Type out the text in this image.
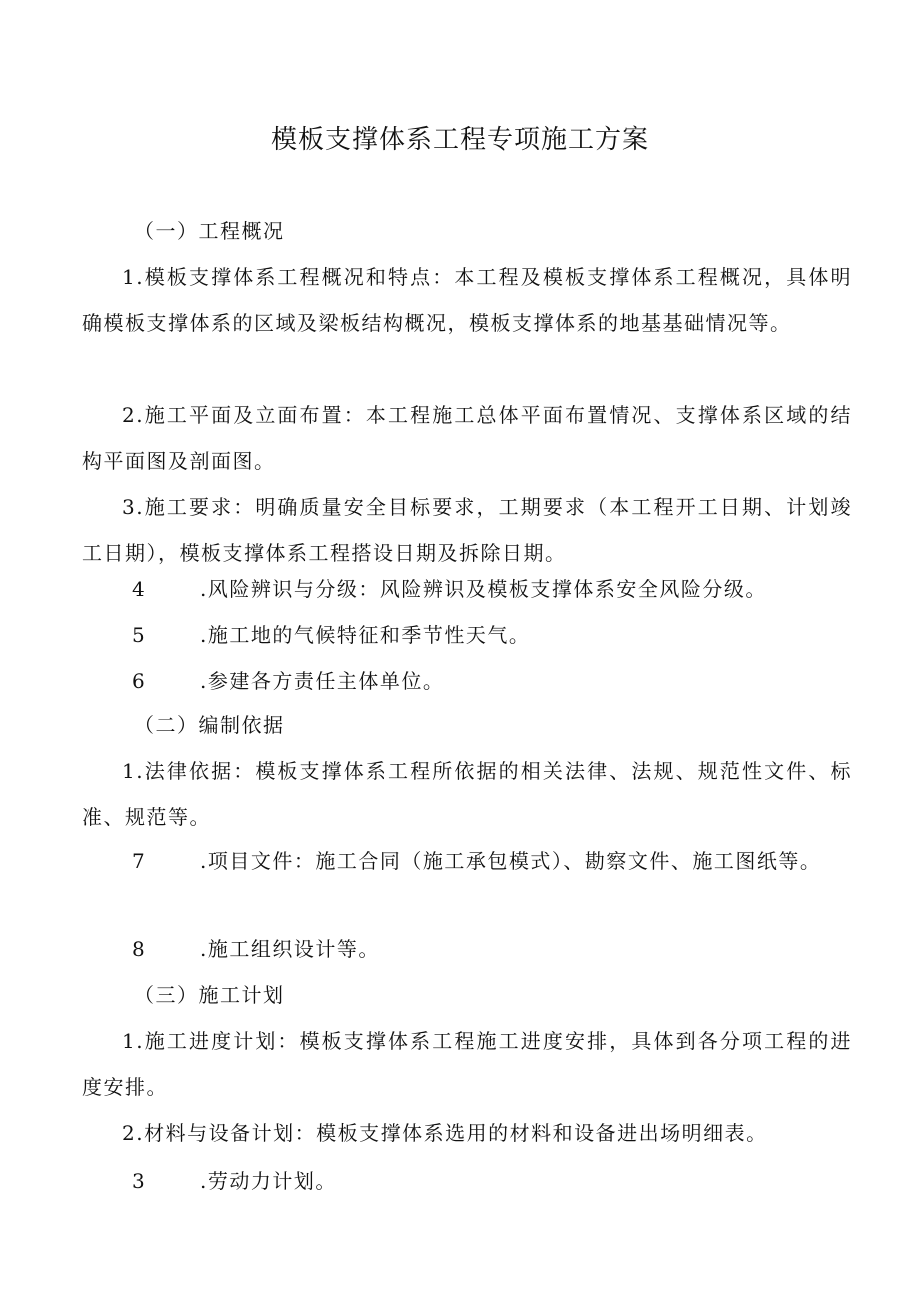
模板支撑体系工程专项施工方案

（一）工程概况

1.模板支撑体系工程概况和特点：本工程及模板支撑体系工程概况，具体明确模板支撑体系的区域及梁板结构概况，模板支撑体系的地基基础情况等。

2.施工平面及立面布置：本工程施工总体平面布置情况、支撑体系区域的结构平面图及剖面图。

3.施工要求：明确质量安全目标要求，工期要求（本工程开工日期、计划竣工日期），模板支撑体系工程搭设日期及拆除日期。

4	.风险辨识与分级：风险辨识及模板支撑体系安全风险分级。

5	.施工地的气候特征和季节性天气。

6	.参建各方责任主体单位。

（二）编制依据

1.法律依据：模板支撑体系工程所依据的相关法律、法规、规范性文件、标准、规范等。

7	.项目文件：施工合同（施工承包模式）、勘察文件、施工图纸等。

8	.施工组织设计等。

（三）施工计划

1.施工进度计划：模板支撑体系工程施工进度安排，具体到各分项工程的进度安排。

2.材料与设备计划：模板支撑体系选用的材料和设备进出场明细表。

3	.劳动力计划。
